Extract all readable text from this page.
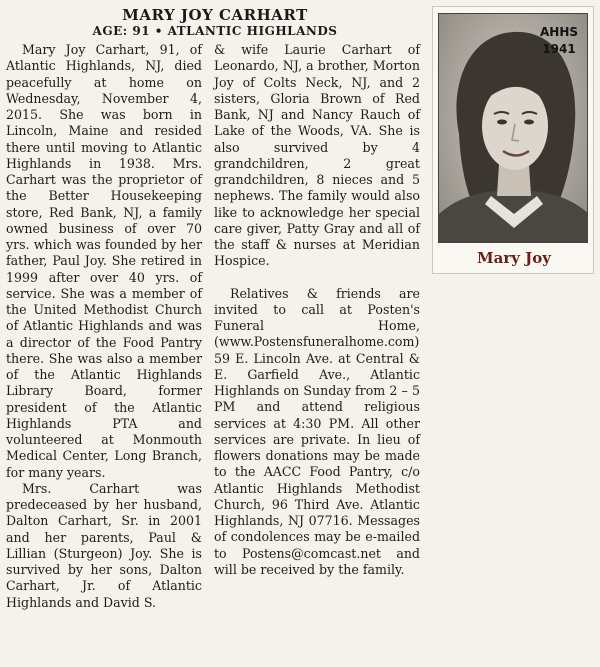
MARY JOY CARHART
AGE: 91 • ATLANTIC HIGHLANDS

Mary Joy Carhart, 91, of Atlantic Highlands, NJ, died peacefully at home on Wednesday, November 4, 2015. She was born in Lincoln, Maine and resided there until moving to Atlantic Highlands in 1938. Mrs. Carhart was the proprietor of the Better Housekeeping store, Red Bank, NJ, a family owned business of over 70 yrs. which was founded by her father, Paul Joy. She retired in 1999 after over 40 yrs. of service. She was a member of the United Methodist Church of Atlantic Highlands and was a director of the Food Pantry there. She was also a member of the Atlantic Highlands Library Board, former president of the Atlantic Highlands PTA and volunteered at Monmouth Medical Center, Long Branch, for many years.

Mrs. Carhart was predeceased by her husband, Dalton Carhart, Sr. in 2001 and her parents, Paul & Lillian (Sturgeon) Joy. She is survived by her sons, Dalton Carhart, Jr. of Atlantic Highlands and David S.

& wife Laurie Carhart of Leonardo, NJ, a brother, Morton Joy of Colts Neck, NJ, and 2 sisters, Gloria Brown of Red Bank, NJ and Nancy Rauch of Lake of the Woods, VA. She is also survived by 4 grandchildren, 2 great grandchildren, 8 nieces and 5 nephews. The family would also like to acknowledge her special care giver, Patty Gray and all of the staff & nurses at Meridian Hospice.

Relatives & friends are invited to call at Posten's Funeral Home, (www.Postensfuneralhome.com) 59 E. Lincoln Ave. at Central & E. Garfield Ave., Atlantic Highlands on Sunday from 2 – 5 PM and attend religious services at 4:30 PM. All other services are private. In lieu of flowers donations may be made to the AACC Food Pantry, c/o Atlantic Highlands Methodist Church, 96 Third Ave. Atlantic Highlands, NJ 07716. Messages of condolences may be e-mailed to Postens@comcast.net and will be received by the family.

AHHS
1941
Mary Joy
